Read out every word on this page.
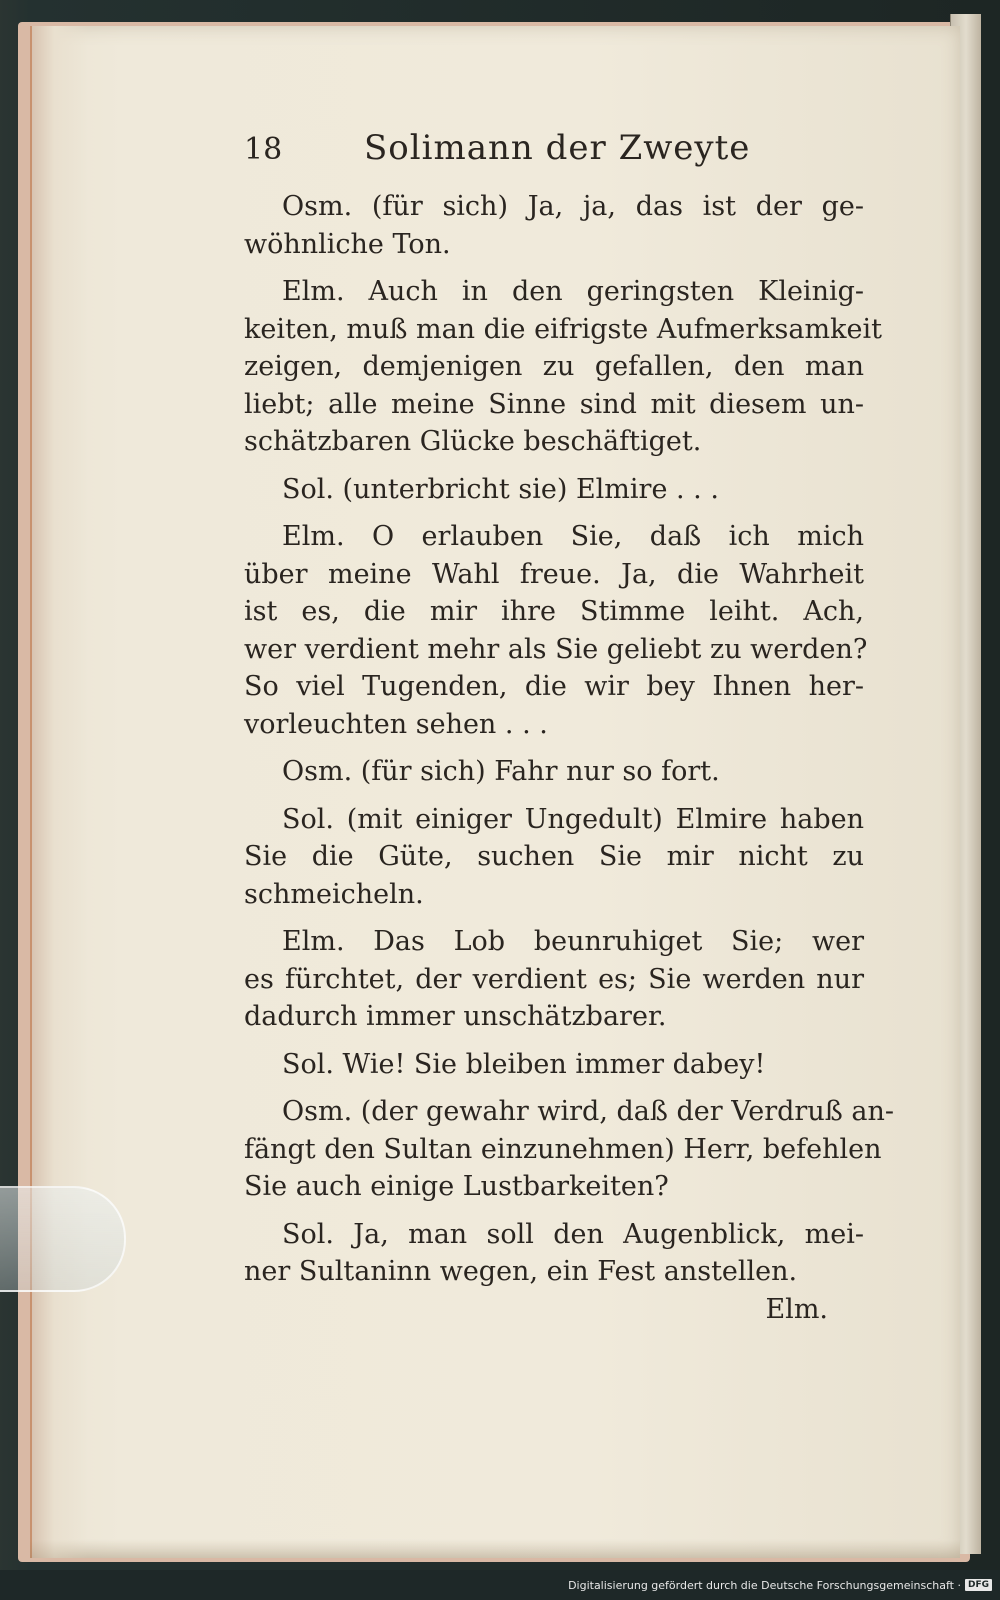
18	Solimann der Zweyte
Osm. (für sich) Ja, ja, das ist der ge-
wöhnliche Ton.
Elm. Auch in den geringsten Kleinig-
keiten, muß man die eifrigste Aufmerksamkeit
zeigen, demjenigen zu gefallen, den man
liebt; alle meine Sinne sind mit diesem un-
schätzbaren Glücke beschäftiget.
Sol. (unterbricht sie) Elmire . . .
Elm. O erlauben Sie, daß ich mich
über meine Wahl freue. Ja, die Wahrheit
ist es, die mir ihre Stimme leiht. Ach,
wer verdient mehr als Sie geliebt zu werden?
So viel Tugenden, die wir bey Ihnen her-
vorleuchten sehen . . .
Osm. (für sich) Fahr nur so fort.
Sol. (mit einiger Ungedult) Elmire haben
Sie die Güte, suchen Sie mir nicht zu
schmeicheln.
Elm. Das Lob beunruhiget Sie; wer
es fürchtet, der verdient es; Sie werden nur
dadurch immer unschätzbarer.
Sol. Wie! Sie bleiben immer dabey!
Osm. (der gewahr wird, daß der Verdruß an-
fängt den Sultan einzunehmen) Herr, befehlen
Sie auch einige Lustbarkeiten?
Sol. Ja, man soll den Augenblick, mei-
ner Sultaninn wegen, ein Fest anstellen.
Elm.
Digitalisierung gefördert durch die Deutsche Forschungsgemeinschaft · DFG
